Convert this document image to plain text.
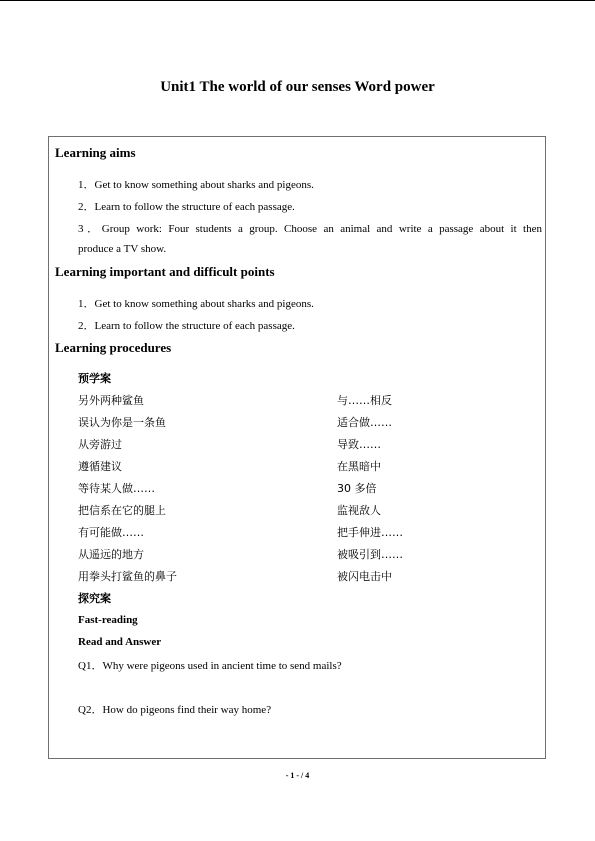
Unit1 The world of our senses Word power
Learning aims
1．Get to know something about sharks and pigeons.
2．Learn to follow the structure of each passage.
3．Group work: Four students a group. Choose an animal and write a passage about it then
produce a TV show.
Learning important and difficult points
1．Get to know something about sharks and pigeons.
2．Learn to follow the structure of each passage.
Learning procedures
预学案
另外两种鲨鱼
误认为你是一条鱼
从旁游过
遵循建议
等待某人做……
把信系在它的腿上
有可能做……
从遥远的地方
用拳头打鲨鱼的鼻子
与……相反
适合做……
导致……
在黑暗中
30 多倍
监视敌人
把手伸进……
被吸引到……
被闪电击中
探究案
Fast-reading
Read and Answer
Q1．Why were pigeons used in ancient time to send mails?
Q2．How do pigeons find their way home?
- 1 - / 4
